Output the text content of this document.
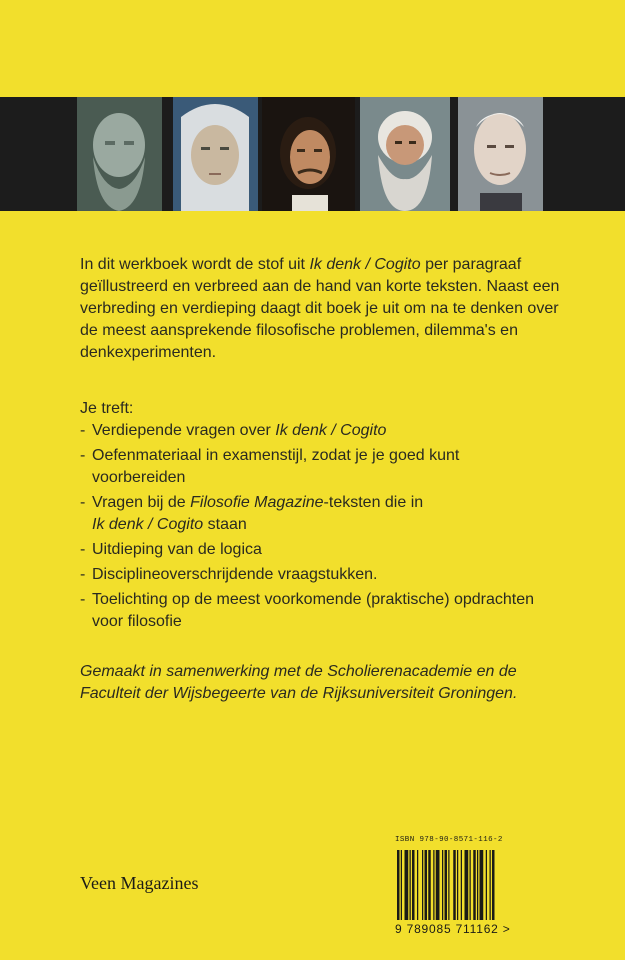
In dit werkboek wordt de stof uit Ik denk / Cogito per paragraaf geïllustreerd en verbreed aan de hand van korte teksten. Naast een verbreding en verdieping daagt dit boek je uit om na te denken over de meest aansprekende filosofische problemen, dilemma's en denkexperimenten.

Je treft:
- Verdiepende vragen over Ik denk / Cogito
- Oefenmateriaal in examenstijl, zodat je je goed kunt voorbereiden
- Vragen bij de Filosofie Magazine-teksten die in
Ik denk / Cogito staan
- Uitdieping van de logica
- Disciplineoverschrijdende vraagstukken.
- Toelichting op de meest voorkomende (praktische) opdrachten voor filosofie
Gemaakt in samenwerking met de Scholierenacademie en de Faculteit der Wijsbegeerte van de Rijksuniversiteit Groningen.
Veen Magazines
ISBN 978-90-8571-116-2
9 789085 711162 >
